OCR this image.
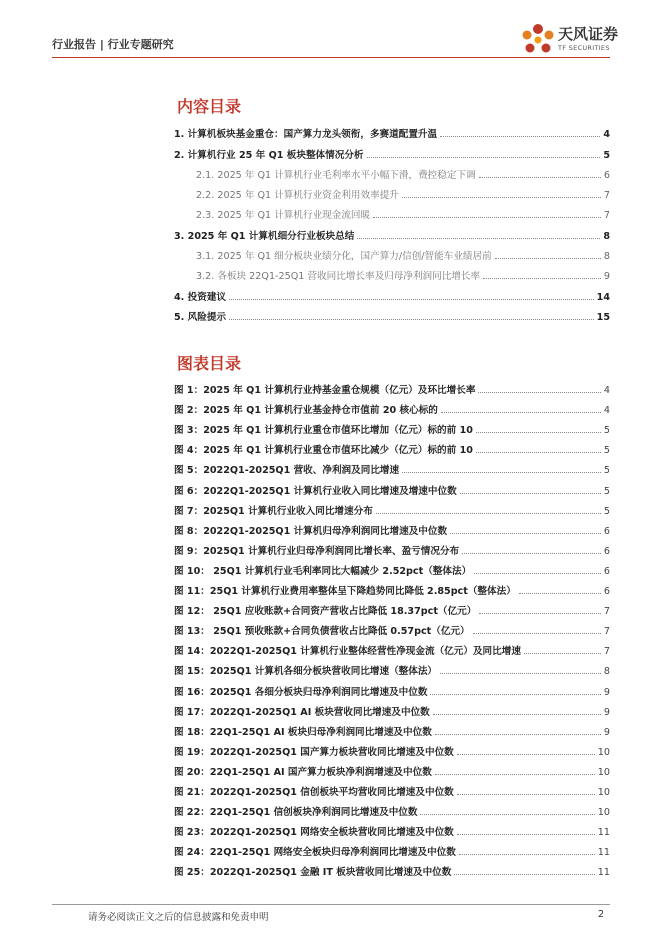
行业报告 | 行业专题研究
天风证券
TF SECURITIES
内容目录
1. 计算机板块基金重仓：国产算力龙头领衔，多赛道配置升温	4
2. 计算机行业 25 年 Q1 板块整体情况分析	5
2.1. 2025 年 Q1 计算机行业毛利率水平小幅下滑，费控稳定下调	6
2.2. 2025 年 Q1 计算机行业资金利用效率提升	7
2.3. 2025 年 Q1 计算机行业现金流回暖	7
3. 2025 年 Q1 计算机细分行业板块总结	8
3.1. 2025 年 Q1 细分板块业绩分化，国产算力/信创/智能车业绩居前	8
3.2. 各板块 22Q1-25Q1 营收同比增长率及归母净利润同比增长率	9
4. 投资建议	14
5. 风险提示	15
图表目录
图 1：2025 年 Q1 计算机行业持基金重仓规模（亿元）及环比增长率	4
图 2：2025 年 Q1 计算机行业基金持仓市值前 20 核心标的	4
图 3：2025 年 Q1 计算机行业重仓市值环比增加（亿元）标的前 10	5
图 4：2025 年 Q1 计算机行业重仓市值环比减少（亿元）标的前 10	5
图 5：2022Q1-2025Q1 营收、净利润及同比增速	5
图 6：2022Q1-2025Q1 计算机行业收入同比增速及增速中位数	5
图 7：2025Q1 计算机行业收入同比增速分布	5
图 8：2022Q1-2025Q1 计算机归母净利润同比增速及中位数	6
图 9：2025Q1 计算机行业归母净利润同比增长率、盈亏情况分布	6
图 10： 25Q1 计算机行业毛利率同比大幅减少 2.52pct（整体法）	6
图 11：25Q1 计算机行业费用率整体呈下降趋势同比降低 2.85pct（整体法）	6
图 12： 25Q1 应收账款+合同资产营收占比降低 18.37pct（亿元）	7
图 13： 25Q1 预收账款+合同负债营收占比降低 0.57pct（亿元）	7
图 14：2022Q1-2025Q1 计算机行业整体经营性净现金流（亿元）及同比增速	7
图 15：2025Q1 计算机各细分板块营收同比增速（整体法）	8
图 16：2025Q1 各细分板块归母净利润同比增速及中位数	9
图 17：2022Q1-2025Q1 AI 板块营收同比增速及中位数	9
图 18：22Q1-25Q1 AI 板块归母净利润同比增速及中位数	9
图 19：2022Q1-2025Q1 国产算力板块营收同比增速及中位数	10
图 20：22Q1-25Q1 AI 国产算力板块净利润增速及中位数	10
图 21：2022Q1-2025Q1 信创板块平均营收同比增速及中位数	10
图 22：22Q1-25Q1 信创板块净利润同比增速及中位数	10
图 23：2022Q1-2025Q1 网络安全板块营收同比增速及中位数	11
图 24：22Q1-25Q1 网络安全板块归母净利润同比增速及中位数	11
图 25：2022Q1-2025Q1 金融 IT 板块营收同比增速及中位数	11
请务必阅读正文之后的信息披露和免责申明	2
